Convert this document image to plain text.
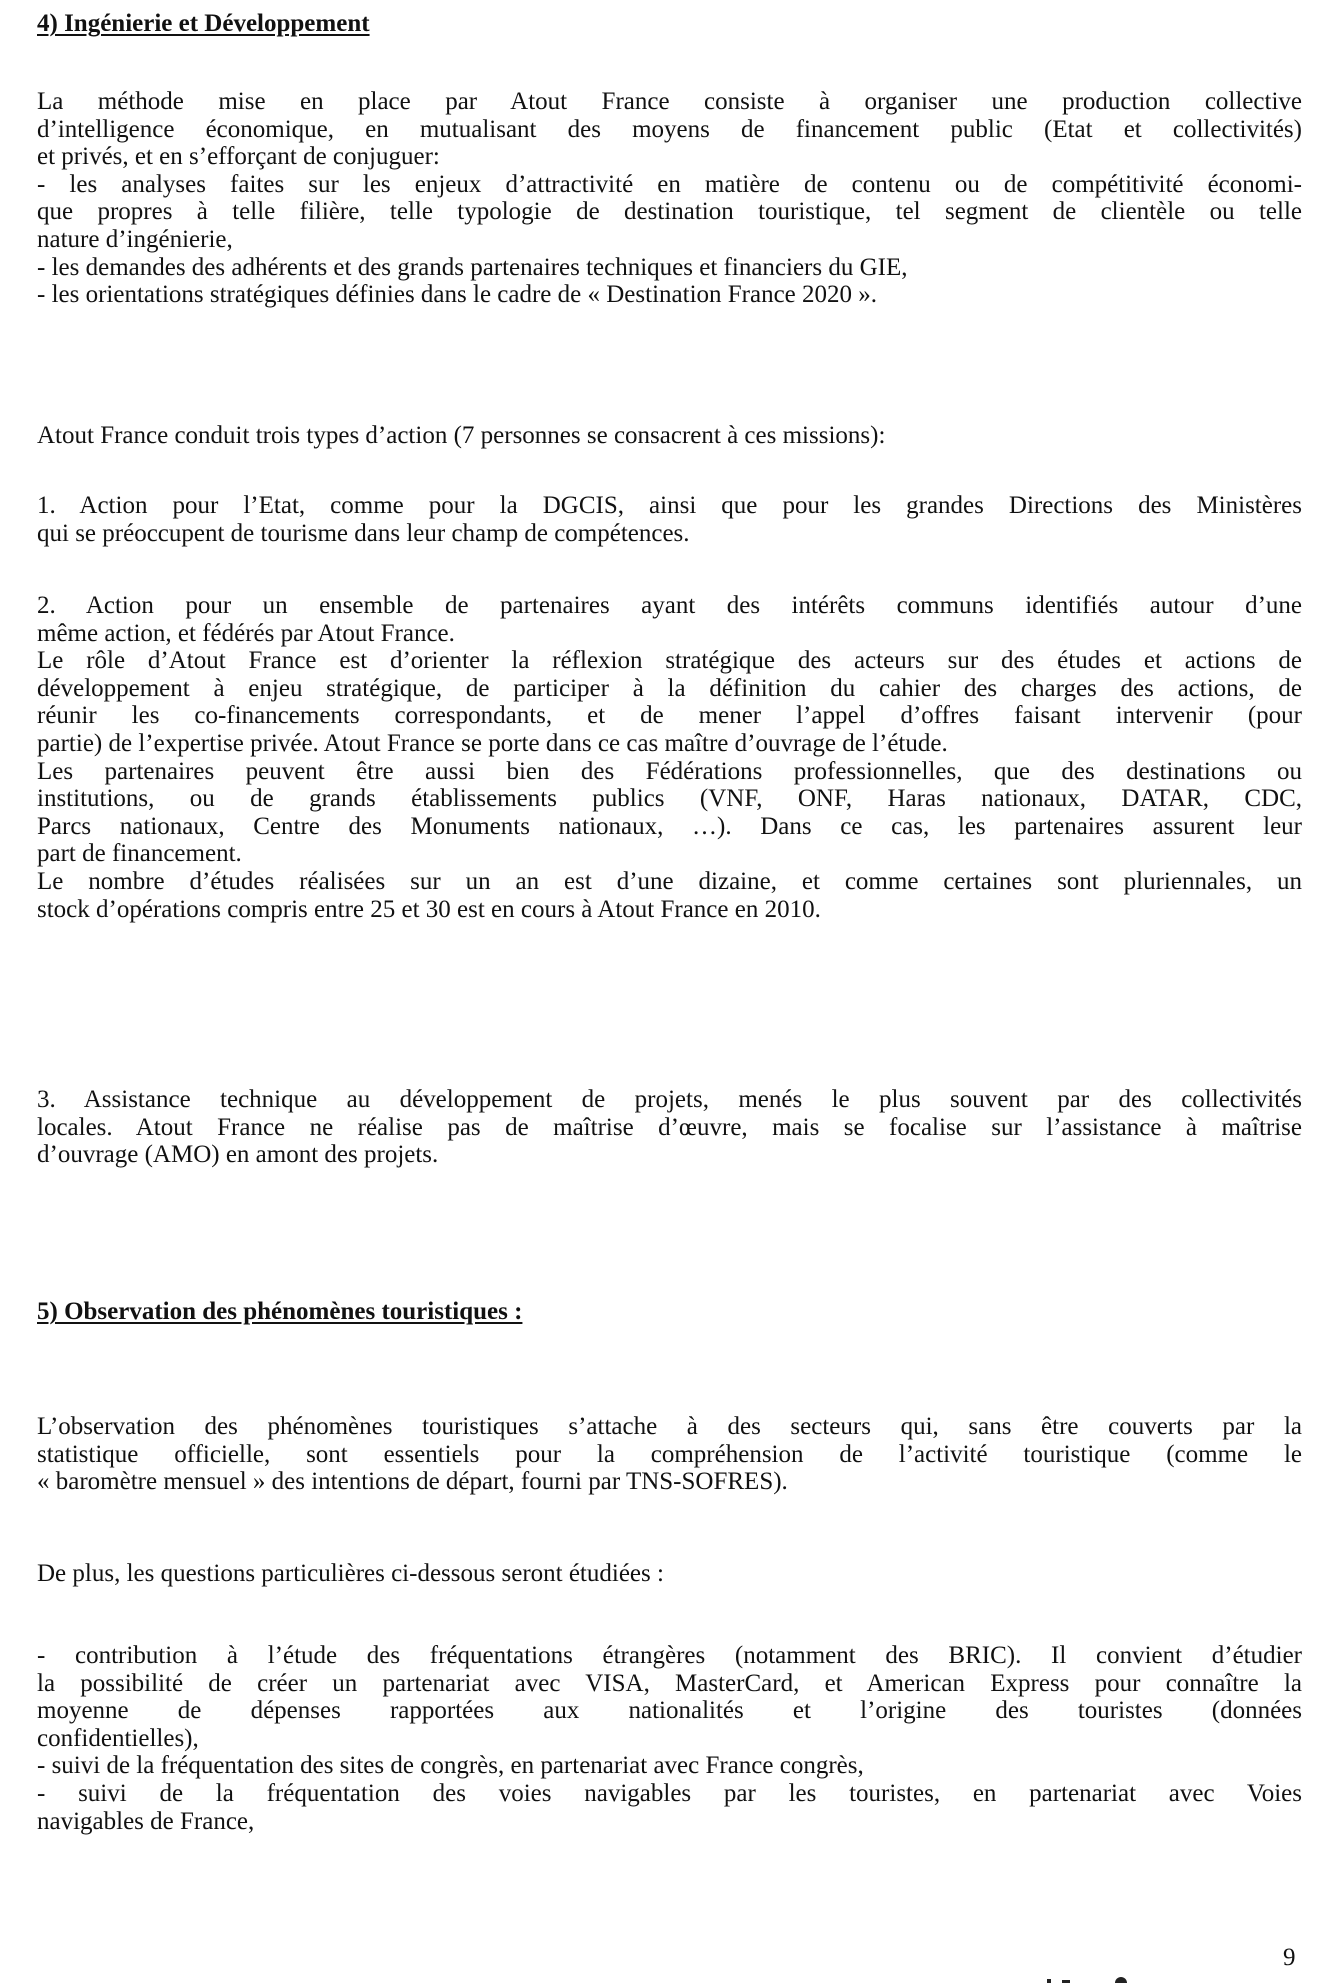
4) Ingénierie et Développement
La méthode mise en place par Atout France consiste à organiser une production collective
d’intelligence économique, en mutualisant des moyens de financement public (Etat et collectivités)
et privés, et en s’efforçant de conjuguer:
- les analyses faites sur les enjeux d’attractivité en matière de contenu ou de compétitivité économi-
que propres à telle filière, telle typologie de destination touristique, tel segment de clientèle ou telle
nature d’ingénierie,
- les demandes des adhérents et des grands partenaires techniques et financiers du GIE,
- les orientations stratégiques définies dans le cadre de « Destination France 2020 ».
Atout France conduit trois types d’action (7 personnes se consacrent à ces missions):
1. Action pour l’Etat, comme pour la DGCIS, ainsi que pour les grandes Directions des Ministères
qui se préoccupent de tourisme dans leur champ de compétences.
2. Action pour un ensemble de partenaires ayant des intérêts communs identifiés autour d’une
même action, et fédérés par Atout France.
Le rôle d’Atout France est d’orienter la réflexion stratégique des acteurs sur des études et actions de
développement à enjeu stratégique, de participer à la définition du cahier des charges des actions, de
réunir les co-financements correspondants, et de mener l’appel d’offres faisant intervenir (pour
partie) de l’expertise privée. Atout France se porte dans ce cas maître d’ouvrage de l’étude.
Les partenaires peuvent être aussi bien des Fédérations professionnelles, que des destinations ou
institutions, ou de grands établissements publics (VNF, ONF, Haras nationaux, DATAR, CDC,
Parcs nationaux, Centre des Monuments nationaux, …). Dans ce cas, les partenaires assurent leur
part de financement.
Le nombre d’études réalisées sur un an est d’une dizaine, et comme certaines sont pluriennales, un
stock d’opérations compris entre 25 et 30 est en cours à Atout France en 2010.
3. Assistance technique au développement de projets, menés le plus souvent par des collectivités
locales. Atout France ne réalise pas de maîtrise d’œuvre, mais se focalise sur l’assistance à maîtrise
d’ouvrage (AMO) en amont des projets.
5) Observation des phénomènes touristiques :
L’observation des phénomènes touristiques s’attache à des secteurs qui, sans être couverts par la
statistique officielle, sont essentiels pour la compréhension de l’activité touristique (comme le
« baromètre mensuel » des intentions de départ, fourni par TNS-SOFRES).
De plus, les questions particulières ci-dessous seront étudiées :
- contribution à l’étude des fréquentations étrangères (notamment des BRIC). Il convient d’étudier
la possibilité de créer un partenariat avec VISA, MasterCard, et American Express pour connaître la
moyenne de dépenses rapportées aux nationalités et l’origine des touristes (données
confidentielles),
- suivi de la fréquentation des sites de congrès, en partenariat avec France congrès,
- suivi de la fréquentation des voies navigables par les touristes, en partenariat avec Voies
navigables de France,
9
